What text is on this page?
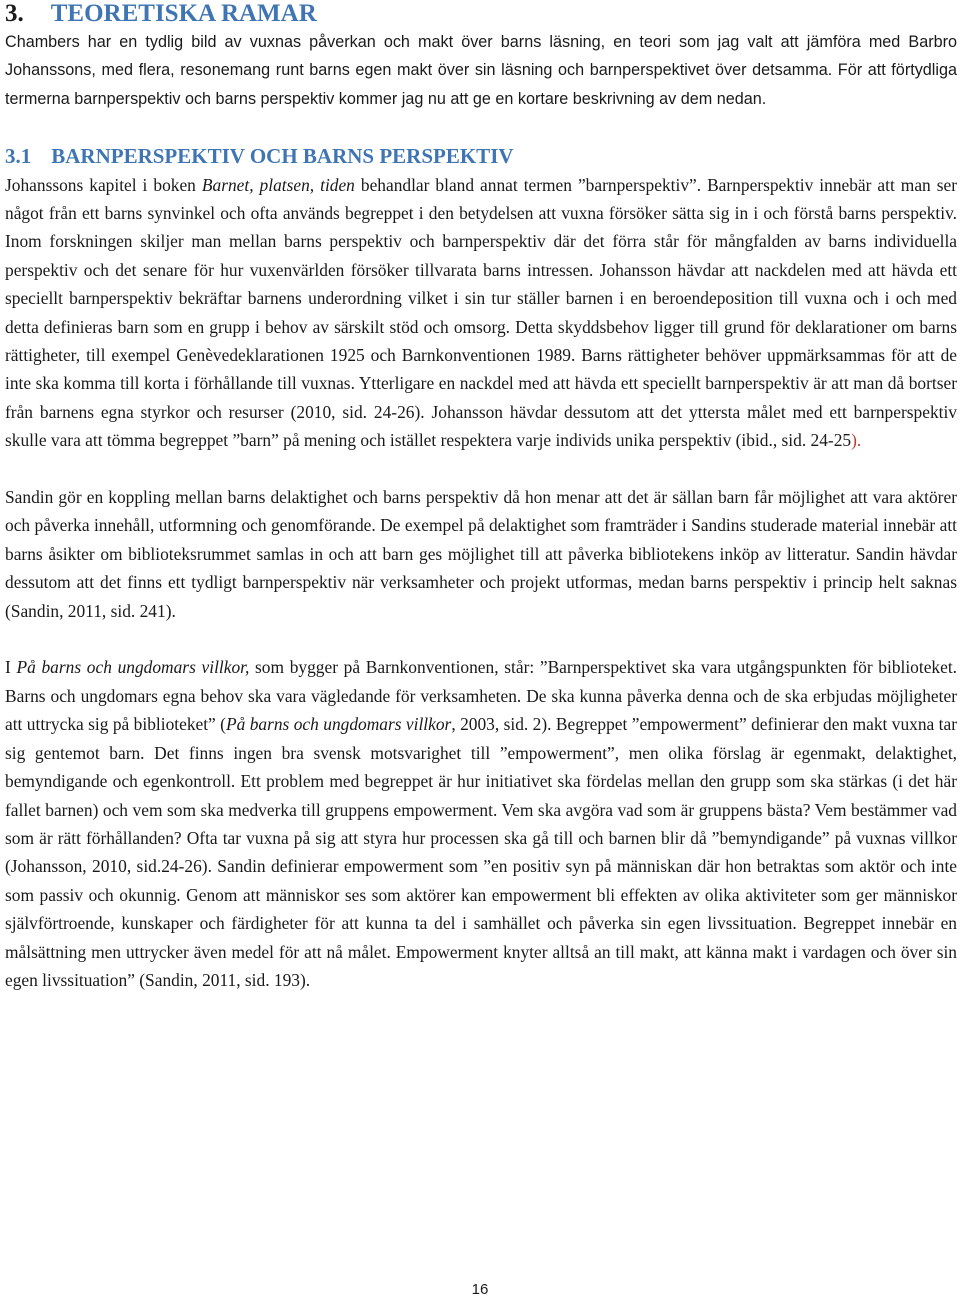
3. TEORETISKA RAMAR

Chambers har en tydlig bild av vuxnas påverkan och makt över barns läsning, en teori som jag valt att jämföra med Barbro Johanssons, med flera, resonemang runt barns egen makt över sin läsning och barnperspektivet över detsamma. För att förtydliga termerna barnperspektiv och barns perspektiv kommer jag nu att ge en kortare beskrivning av dem nedan.

3.1 BARNPERSPEKTIV OCH BARNS PERSPEKTIV

Johanssons kapitel i boken Barnet, platsen, tiden behandlar bland annat termen ”barnperspektiv”. Barnperspektiv innebär att man ser något från ett barns synvinkel och ofta används begreppet i den betydelsen att vuxna försöker sätta sig in i och förstå barns perspektiv. Inom forskningen skiljer man mellan barns perspektiv och barnperspektiv där det förra står för mångfalden av barns individuella perspektiv och det senare för hur vuxenvärlden försöker tillvarata barns intressen. Johansson hävdar att nackdelen med att hävda ett speciellt barnperspektiv bekräftar barnens underordning vilket i sin tur ställer barnen i en beroendeposition till vuxna och i och med detta definieras barn som en grupp i behov av särskilt stöd och omsorg. Detta skyddsbehov ligger till grund för deklarationer om barns rättigheter, till exempel Genèvedeklarationen 1925 och Barnkonventionen 1989. Barns rättigheter behöver uppmärksammas för att de inte ska komma till korta i förhållande till vuxnas. Ytterligare en nackdel med att hävda ett speciellt barnperspektiv är att man då bortser från barnens egna styrkor och resurser (2010, sid. 24-26). Johansson hävdar dessutom att det yttersta målet med ett barnperspektiv skulle vara att tömma begreppet ”barn” på mening och istället respektera varje individs unika perspektiv (ibid., sid. 24-25).

Sandin gör en koppling mellan barns delaktighet och barns perspektiv då hon menar att det är sällan barn får möjlighet att vara aktörer och påverka innehåll, utformning och genomförande. De exempel på delaktighet som framträder i Sandins studerade material innebär att barns åsikter om biblioteksrummet samlas in och att barn ges möjlighet till att påverka bibliotekens inköp av litteratur. Sandin hävdar dessutom att det finns ett tydligt barnperspektiv när verksamheter och projekt utformas, medan barns perspektiv i princip helt saknas (Sandin, 2011, sid. 241).

I På barns och ungdomars villkor, som bygger på Barnkonventionen, står: ”Barnperspektivet ska vara utgångspunkten för biblioteket. Barns och ungdomars egna behov ska vara vägledande för verksamheten. De ska kunna påverka denna och de ska erbjudas möjligheter att uttrycka sig på biblioteket” (På barns och ungdomars villkor, 2003, sid. 2). Begreppet ”empowerment” definierar den makt vuxna tar sig gentemot barn. Det finns ingen bra svensk motsvarighet till ”empowerment”, men olika förslag är egenmakt, delaktighet, bemyndigande och egenkontroll. Ett problem med begreppet är hur initiativet ska fördelas mellan den grupp som ska stärkas (i det här fallet barnen) och vem som ska medverka till gruppens empowerment. Vem ska avgöra vad som är gruppens bästa? Vem bestämmer vad som är rätt förhållanden? Ofta tar vuxna på sig att styra hur processen ska gå till och barnen blir då ”bemyndigande” på vuxnas villkor (Johansson, 2010, sid.24-26). Sandin definierar empowerment som ”en positiv syn på människan där hon betraktas som aktör och inte som passiv och okunnig. Genom att människor ses som aktörer kan empowerment bli effekten av olika aktiviteter som ger människor självförtroende, kunskaper och färdigheter för att kunna ta del i samhället och påverka sin egen livssituation. Begreppet innebär en målsättning men uttrycker även medel för att nå målet. Empowerment knyter alltså an till makt, att känna makt i vardagen och över sin egen livssituation” (Sandin, 2011, sid. 193).

16
